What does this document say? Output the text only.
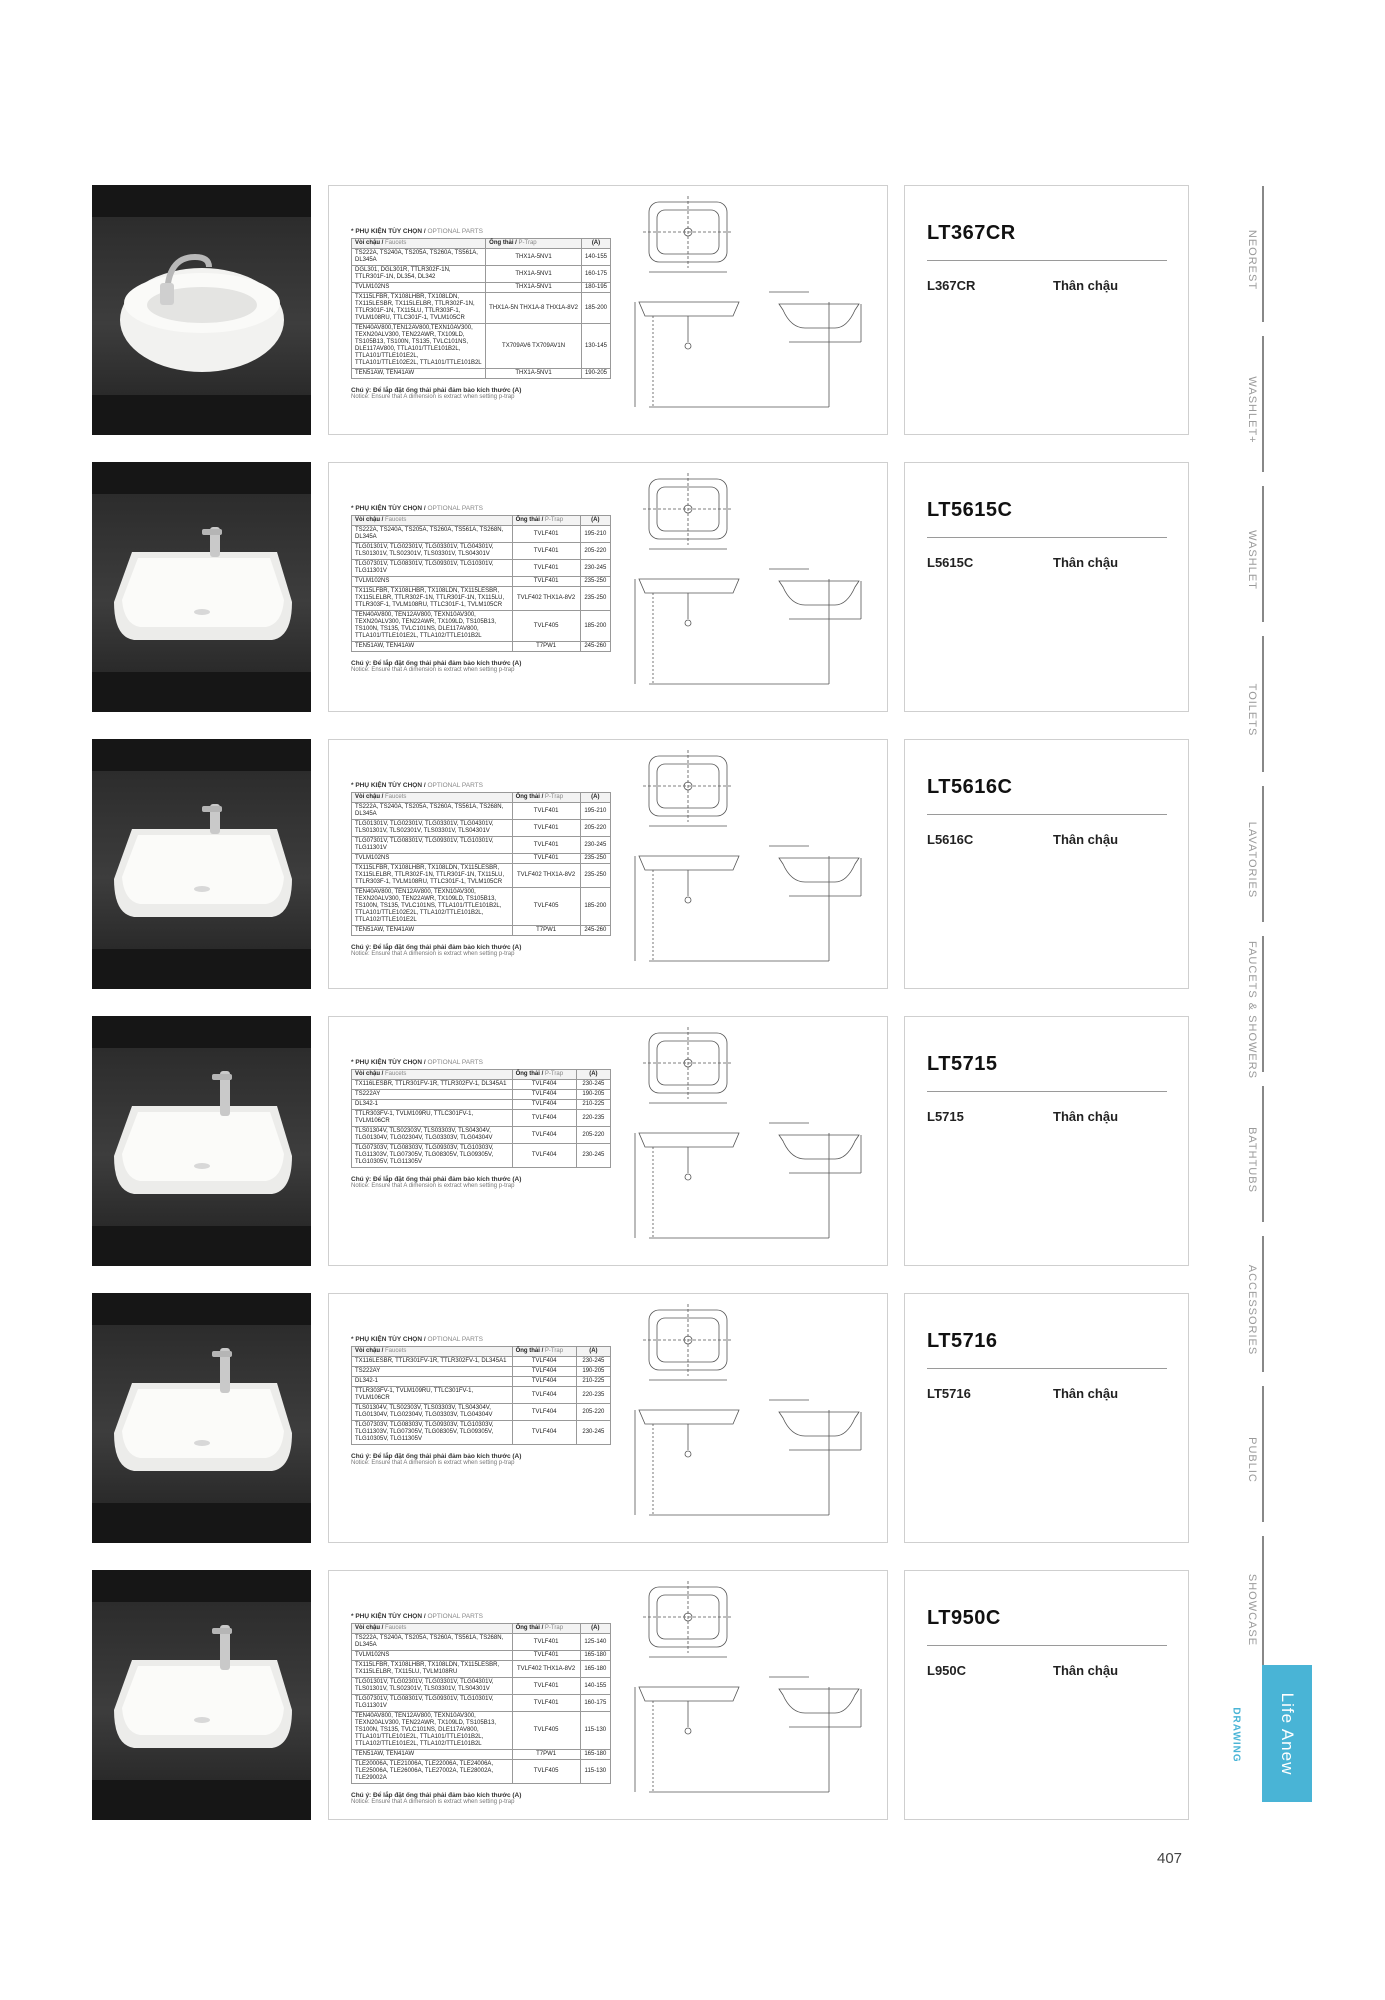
* PHỤ KIỆN TÙY CHỌN / OPTIONAL PARTS
Vòi chậu / Faucets	Ống thải / P-Trap	(A)
TS222A, TS240A, TS205A, TS260A, TS561A, DL345A	THX1A-5NV1	140-155
DGL301, DGL301R, TTLR302F-1N, TTLR301F-1N, DL354, DL342	THX1A-5NV1	160-175
TVLM102NS	THX1A-5NV1	180-195
TX115LFBR, TX108LHBR, TX108LDN, TX115LESBR, TX115LELBR, TTLR302F-1N, TTLR301F-1N, TX115LU, TTLR303F-1, TVLM108RU, TTLC301F-1, TVLM105CR	THX1A-5N THX1A-8 THX1A-8V2	185-200
TEN40AV800,TEN12AV800,TEXN10AV300, TEXN20ALV300, TEN22AWR, TX109LD, TS105B13, TS100N, TS135, TVLC101NS, DLE117AV800, TTLA101/TTLE101B2L, TTLA101/TTLE101E2L, TTLA101/TTLE102E2L, TTLA101/TTLE101B2L	TX709AV6 TX709AV1N	130-145
TEN51AW, TEN41AW	THX1A-5NV1	190-205
Chú ý: Để lắp đặt ống thải phải đảm bảo kích thước (A)
Notice: Ensure that A dimension is extract when setting p-trap
LT367CR
L367CR	Thân chậu
* PHỤ KIỆN TÙY CHỌN / OPTIONAL PARTS
Vòi chậu / Faucets	Ống thải / P-Trap	(A)
TS222A, TS240A, TS205A, TS260A, TS561A, TS268N, DL345A	TVLF401	195-210
TLG01301V, TLG02301V, TLG03301V, TLG04301V, TLS01301V, TLS02301V, TLS03301V, TLS04301V	TVLF401	205-220
TLG07301V, TLG08301V, TLG09301V, TLG10301V, TLG11301V	TVLF401	230-245
TVLM102NS	TVLF401	235-250
TX115LFBR, TX108LHBR, TX108LDN, TX115LESBR, TX115LELBR, TTLR302F-1N, TTLR301F-1N, TX115LU, TTLR303F-1, TVLM108RU, TTLC301F-1, TVLM105CR	TVLF402 THX1A-8V2	235-250
TEN40AV800, TEN12AV800, TEXN10AV300, TEXN20ALV300, TEN22AWR, TX109LD, TS105B13, TS100N, TS135, TVLC101NS, DLE117AV800, TTLA101/TTLE101E2L, TTLA102/TTLE101B2L	TVLF405	185-200
TEN51AW, TEN41AW	T7PW1	245-260
Chú ý: Để lắp đặt ống thải phải đảm bảo kích thước (A)
Notice: Ensure that A dimension is extract when setting p-trap
LT5615C
L5615C	Thân chậu
* PHỤ KIỆN TÙY CHỌN / OPTIONAL PARTS
Vòi chậu / Faucets	Ống thải / P-Trap	(A)
TS222A, TS240A, TS205A, TS260A, TS561A, TS268N, DL345A	TVLF401	195-210
TLG01301V, TLG02301V, TLG03301V, TLG04301V, TLS01301V, TLS02301V, TLS03301V, TLS04301V	TVLF401	205-220
TLG07301V, TLG08301V, TLG09301V, TLG10301V, TLG11301V	TVLF401	230-245
TVLM102NS	TVLF401	235-250
TX115LFBR, TX108LHBR, TX108LDN, TX115LESBR, TX115LELBR, TTLR302F-1N, TTLR301F-1N, TX115LU, TTLR303F-1, TVLM108RU, TTLC301F-1, TVLM105CR	TVLF402 THX1A-8V2	235-250
TEN40AV800, TEN12AV800, TEXN10AV300, TEXN20ALV300, TEN22AWR, TX109LD, TS105B13, TS100N, TS135, TVLC101NS, TTLA101/TTLE101B2L, TTLA101/TTLE102E2L, TTLA102/TTLE101B2L, TTLA102/TTLE101E2L	TVLF405	185-200
TEN51AW, TEN41AW	T7PW1	245-260
Chú ý: Để lắp đặt ống thải phải đảm bảo kích thước (A)
Notice: Ensure that A dimension is extract when setting p-trap
LT5616C
L5616C	Thân chậu
* PHỤ KIỆN TÙY CHỌN / OPTIONAL PARTS
Vòi chậu / Faucets	Ống thải / P-Trap	(A)
TX116LESBR, TTLR301FV-1R, TTLR302FV-1, DL345A1	TVLF404	230-245
TS222AY	TVLF404	190-205
DL342-1	TVLF404	210-225
TTLR303FV-1, TVLM109RU, TTLC301FV-1, TVLM106CR	TVLF404	220-235
TLS01304V, TLS02303V, TLS03303V, TLS04304V, TLG01304V, TLG02304V, TLG03303V, TLG04304V	TVLF404	205-220
TLG07303V, TLG08303V, TLG09303V, TLG10303V, TLG11303V, TLG07305V, TLG08305V, TLG09305V, TLG10305V, TLG11305V	TVLF404	230-245
Chú ý: Để lắp đặt ống thải phải đảm bảo kích thước (A)
Notice: Ensure that A dimension is extract when setting p-trap
LT5715
L5715	Thân chậu
* PHỤ KIỆN TÙY CHỌN / OPTIONAL PARTS
Vòi chậu / Faucets	Ống thải / P-Trap	(A)
TX116LESBR, TTLR301FV-1R, TTLR302FV-1, DL345A1	TVLF404	230-245
TS222AY	TVLF404	190-205
DL342-1	TVLF404	210-225
TTLR303FV-1, TVLM109RU, TTLC301FV-1, TVLM106CR	TVLF404	220-235
TLS01304V, TLS02303V, TLS03303V, TLS04304V, TLG01304V, TLG02304V, TLG03303V, TLG04304V	TVLF404	205-220
TLG07303V, TLG08303V, TLG09303V, TLG10303V, TLG11303V, TLG07305V, TLG08305V, TLG09305V, TLG10305V, TLG11305V	TVLF404	230-245
Chú ý: Để lắp đặt ống thải phải đảm bảo kích thước (A)
Notice: Ensure that A dimension is extract when setting p-trap
LT5716
LT5716	Thân chậu
* PHỤ KIỆN TÙY CHỌN / OPTIONAL PARTS
Vòi chậu / Faucets	Ống thải / P-Trap	(A)
TS222A, TS240A, TS205A, TS260A, TS561A, TS268N, DL345A	TVLF401	125-140
TVLM102NS	TVLF401	165-180
TX115LFBR, TX108LHBR, TX108LDN, TX115LESBR, TX115LELBR, TX115LU, TVLM108RU	TVLF402 THX1A-8V2	165-180
TLG01301V, TLG02301V, TLG03301V, TLG04301V, TLS01301V, TLS02301V, TLS03301V, TLS04301V	TVLF401	140-155
TLG07301V, TLG08301V, TLG09301V, TLG10301V, TLG11301V	TVLF401	160-175
TEN40AV800, TEN12AV800, TEXN10AV300, TEXN20ALV300, TEN22AWR, TX109LD, TS105B13, TS100N, TS135, TVLC101NS, DLE117AV800, TTLA101/TTLE101E2L, TTLA101/TTLE101B2L, TTLA102/TTLE101E2L, TTLA102/TTLE101B2L	TVLF405	115-130
TEN51AW, TEN41AW	T7PW1	165-180
TLE20006A, TLE21006A, TLE22006A, TLE24006A, TLE25006A, TLE26006A, TLE27002A, TLE28002A, TLE29002A	TVLF405	115-130
Chú ý: Để lắp đặt ống thải phải đảm bảo kích thước (A)
Notice: Ensure that A dimension is extract when setting p-trap
LT950C
L950C	Thân chậu
NEOREST
WASHLET+
WASHLET
TOILETS
LAVATORIES
FAUCETS & SHOWERS
BATHTUBS
ACCESSORIES
PUBLIC
SHOWCASE
DRAWING Life Anew
407
